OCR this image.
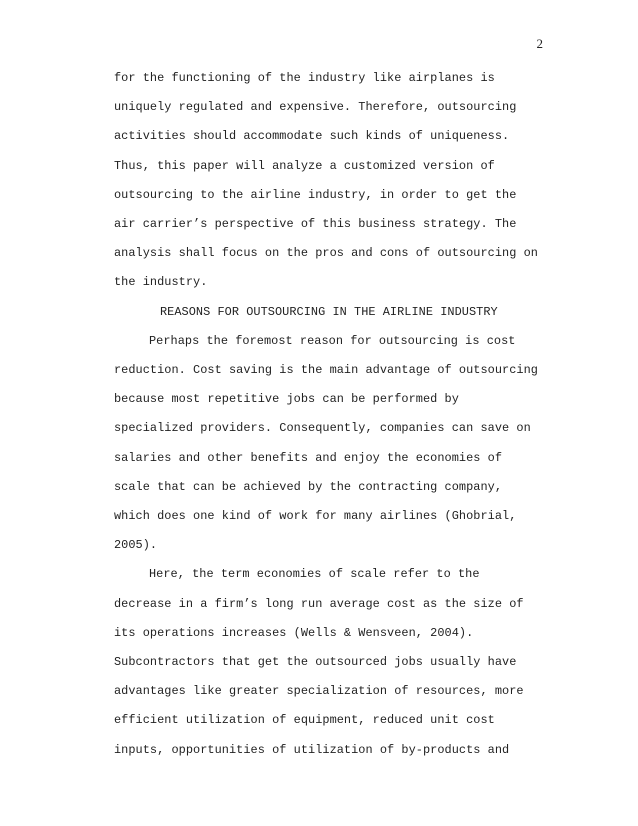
2
for the functioning of the industry like airplanes is
uniquely regulated and expensive. Therefore, outsourcing
activities should accommodate such kinds of uniqueness.
Thus, this paper will analyze a customized version of
outsourcing to the airline industry, in order to get the
air carrier’s perspective of this business strategy. The
analysis shall focus on the pros and cons of outsourcing on
the industry.
REASONS FOR OUTSOURCING IN THE AIRLINE INDUSTRY
Perhaps the foremost reason for outsourcing is cost
reduction. Cost saving is the main advantage of outsourcing
because most repetitive jobs can be performed by
specialized providers. Consequently, companies can save on
salaries and other benefits and enjoy the economies of
scale that can be achieved by the contracting company,
which does one kind of work for many airlines (Ghobrial,
2005).
Here, the term economies of scale refer to the
decrease in a firm’s long run average cost as the size of
its operations increases (Wells & Wensveen, 2004).
Subcontractors that get the outsourced jobs usually have
advantages like greater specialization of resources, more
efficient utilization of equipment, reduced unit cost
inputs, opportunities of utilization of by-products and
